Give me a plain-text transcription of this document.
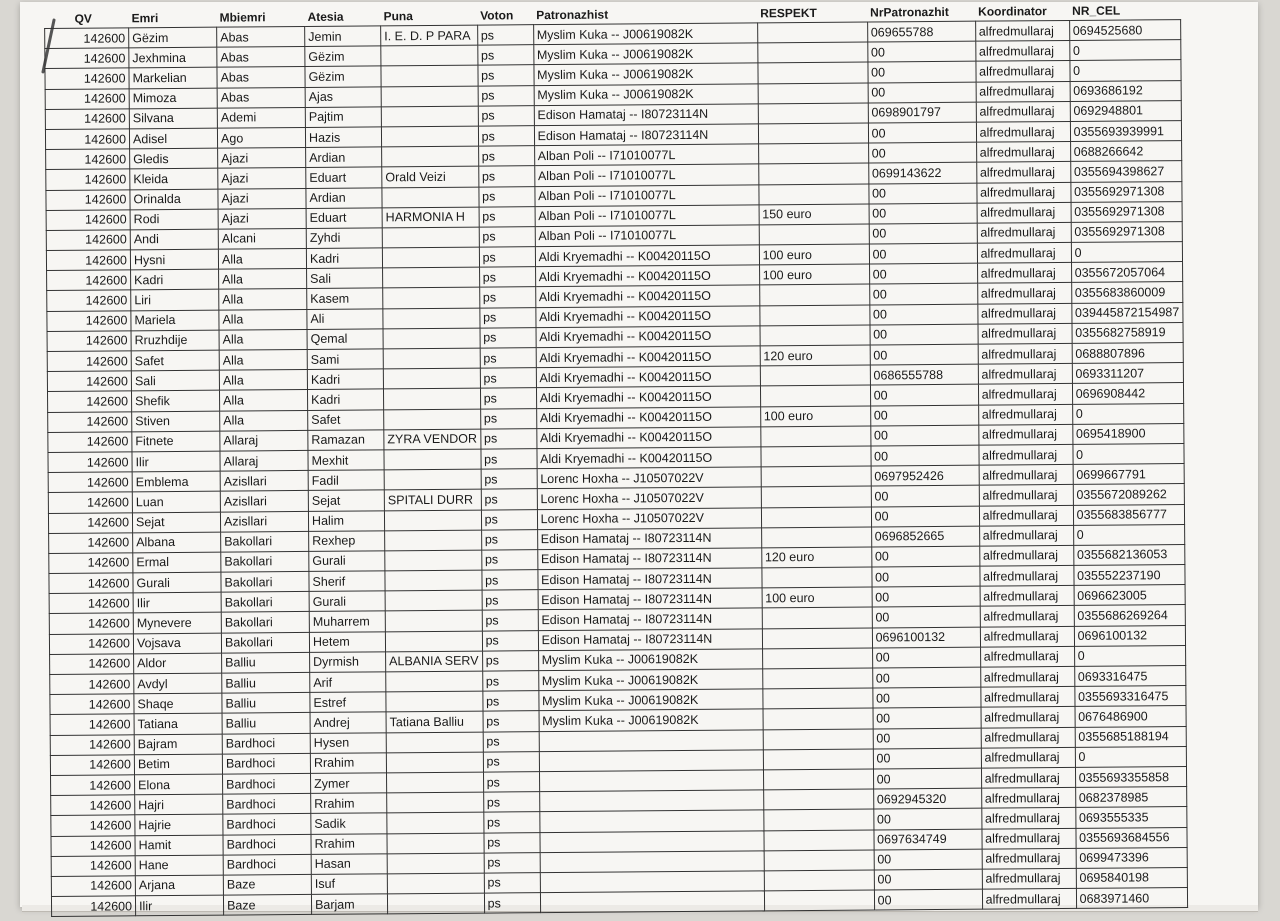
QV	Emri	Mbiemri	Atesia	Puna	Voton	Patronazhist	RESPEKT	NrPatronazhit	Koordinator	NR_CEL
142600	Gëzim	Abas	Jemin	I. E. D. P PARA	ps	Myslim Kuka -- J00619082K		069655788	alfredmullaraj	0694525680
142600	Jexhmina	Abas	Gëzim		ps	Myslim Kuka -- J00619082K		00	alfredmullaraj	0
142600	Markelian	Abas	Gëzim		ps	Myslim Kuka -- J00619082K		00	alfredmullaraj	0
142600	Mimoza	Abas	Ajas		ps	Myslim Kuka -- J00619082K		00	alfredmullaraj	0693686192
142600	Silvana	Ademi	Pajtim		ps	Edison Hamataj -- I80723114N		0698901797	alfredmullaraj	0692948801
142600	Adisel	Ago	Hazis		ps	Edison Hamataj -- I80723114N		00	alfredmullaraj	0355693939991
142600	Gledis	Ajazi	Ardian		ps	Alban Poli -- I71010077L		00	alfredmullaraj	0688266642
142600	Kleida	Ajazi	Eduart	Orald Veizi	ps	Alban Poli -- I71010077L		0699143622	alfredmullaraj	0355694398627
142600	Orinalda	Ajazi	Ardian		ps	Alban Poli -- I71010077L		00	alfredmullaraj	0355692971308
142600	Rodi	Ajazi	Eduart	HARMONIA H	ps	Alban Poli -- I71010077L	150 euro	00	alfredmullaraj	0355692971308
142600	Andi	Alcani	Zyhdi		ps	Alban Poli -- I71010077L		00	alfredmullaraj	0355692971308
142600	Hysni	Alla	Kadri		ps	Aldi Kryemadhi -- K00420115O	100 euro	00	alfredmullaraj	0
142600	Kadri	Alla	Sali		ps	Aldi Kryemadhi -- K00420115O	100 euro	00	alfredmullaraj	0355672057064
142600	Liri	Alla	Kasem		ps	Aldi Kryemadhi -- K00420115O		00	alfredmullaraj	0355683860009
142600	Mariela	Alla	Ali		ps	Aldi Kryemadhi -- K00420115O		00	alfredmullaraj	039445872154987
142600	Rruzhdije	Alla	Qemal		ps	Aldi Kryemadhi -- K00420115O		00	alfredmullaraj	0355682758919
142600	Safet	Alla	Sami		ps	Aldi Kryemadhi -- K00420115O	120 euro	00	alfredmullaraj	0688807896
142600	Sali	Alla	Kadri		ps	Aldi Kryemadhi -- K00420115O		0686555788	alfredmullaraj	0693311207
142600	Shefik	Alla	Kadri		ps	Aldi Kryemadhi -- K00420115O		00	alfredmullaraj	0696908442
142600	Stiven	Alla	Safet		ps	Aldi Kryemadhi -- K00420115O	100 euro	00	alfredmullaraj	0
142600	Fitnete	Allaraj	Ramazan	ZYRA VENDOR	ps	Aldi Kryemadhi -- K00420115O		00	alfredmullaraj	0695418900
142600	Ilir	Allaraj	Mexhit		ps	Aldi Kryemadhi -- K00420115O		00	alfredmullaraj	0
142600	Emblema	Azisllari	Fadil		ps	Lorenc Hoxha -- J10507022V		0697952426	alfredmullaraj	0699667791
142600	Luan	Azisllari	Sejat	SPITALI DURR	ps	Lorenc Hoxha -- J10507022V		00	alfredmullaraj	0355672089262
142600	Sejat	Azisllari	Halim		ps	Lorenc Hoxha -- J10507022V		00	alfredmullaraj	0355683856777
142600	Albana	Bakollari	Rexhep		ps	Edison Hamataj -- I80723114N		0696852665	alfredmullaraj	0
142600	Ermal	Bakollari	Gurali		ps	Edison Hamataj -- I80723114N	120 euro	00	alfredmullaraj	0355682136053
142600	Gurali	Bakollari	Sherif		ps	Edison Hamataj -- I80723114N		00	alfredmullaraj	035552237190
142600	Ilir	Bakollari	Gurali		ps	Edison Hamataj -- I80723114N	100 euro	00	alfredmullaraj	0696623005
142600	Mynevere	Bakollari	Muharrem		ps	Edison Hamataj -- I80723114N		00	alfredmullaraj	0355686269264
142600	Vojsava	Bakollari	Hetem		ps	Edison Hamataj -- I80723114N		0696100132	alfredmullaraj	0696100132
142600	Aldor	Balliu	Dyrmish	ALBANIA SERV	ps	Myslim Kuka -- J00619082K		00	alfredmullaraj	0
142600	Avdyl	Balliu	Arif		ps	Myslim Kuka -- J00619082K		00	alfredmullaraj	0693316475
142600	Shaqe	Balliu	Estref		ps	Myslim Kuka -- J00619082K		00	alfredmullaraj	0355693316475
142600	Tatiana	Balliu	Andrej	Tatiana Balliu	ps	Myslim Kuka -- J00619082K		00	alfredmullaraj	0676486900
142600	Bajram	Bardhoci	Hysen		ps			00	alfredmullaraj	0355685188194
142600	Betim	Bardhoci	Rrahim		ps			00	alfredmullaraj	0
142600	Elona	Bardhoci	Zymer		ps			00	alfredmullaraj	0355693355858
142600	Hajri	Bardhoci	Rrahim		ps			0692945320	alfredmullaraj	0682378985
142600	Hajrie	Bardhoci	Sadik		ps			00	alfredmullaraj	0693555335
142600	Hamit	Bardhoci	Rrahim		ps			0697634749	alfredmullaraj	0355693684556
142600	Hane	Bardhoci	Hasan		ps			00	alfredmullaraj	0699473396
142600	Arjana	Baze	Isuf		ps			00	alfredmullaraj	0695840198
142600	Ilir	Baze	Barjam		ps			00	alfredmullaraj	0683971460
